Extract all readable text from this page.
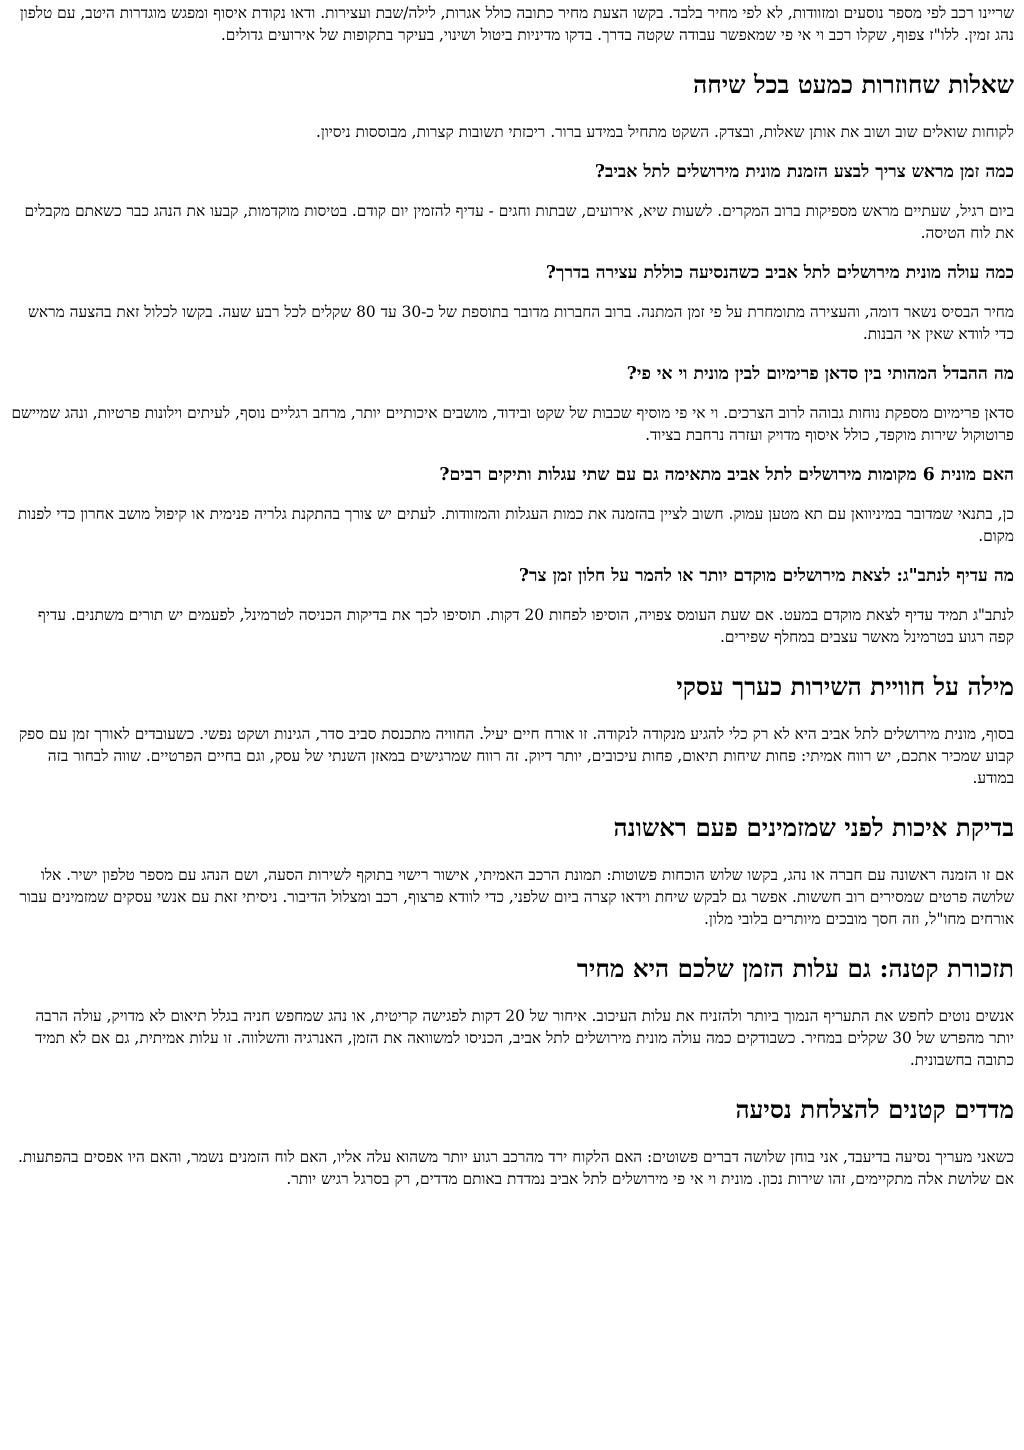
שריינו רכב לפי מספר נוסעים ומזוודות, לא לפי מחיר בלבד. בקשו הצעת מחיר כתובה כולל אגרות, לילה/שבת ועצירות. ודאו נקודת איסוף ומפגש מוגדרות היטב, עם טלפון נהג זמין. ללו"ז צפוף, שקלו רכב וי אי פי שמאפשר עבודה שקטה בדרך. בדקו מדיניות ביטול ושינוי, בעיקר בתקופות של אירועים גדולים.

שאלות שחוזרות כמעט בכל שיחה

לקוחות שואלים שוב ושוב את אותן שאלות, ובצדק. השקט מתחיל במידע ברור. ריכזתי תשובות קצרות, מבוססות ניסיון.

כמה זמן מראש צריך לבצע הזמנת מונית מירושלים לתל אביב?

ביום רגיל, שעתיים מראש מספיקות ברוב המקרים. לשעות שיא, אירועים, שבתות וחגים - עדיף להזמין יום קודם. בטיסות מוקדמות, קבעו את הנהג כבר כשאתם מקבלים את לוח הטיסה.

כמה עולה מונית מירושלים לתל אביב כשהנסיעה כוללת עצירה בדרך?

מחיר הבסיס נשאר דומה, והעצירה מתומחרת על פי זמן המתנה. ברוב החברות מדובר בתוספת של כ-30 עד 80 שקלים לכל רבע שעה. בקשו לכלול זאת בהצעה מראש כדי לוודא שאין אי הבנות.

מה ההבדל המהותי בין סדאן פרימיום לבין מונית וי אי פי?

סדאן פרימיום מספקת נוחות גבוהה לרוב הצרכים. וי אי פי מוסיף שכבות של שקט ובידוד, מושבים איכותיים יותר, מרחב רגליים נוסף, לעיתים וילונות פרטיות, ונהג שמיישם פרוטוקול שירות מוקפד, כולל איסוף מדויק ועזרה נרחבת בציוד.

האם מונית 6 מקומות מירושלים לתל אביב מתאימה גם עם שתי עגלות ותיקים רבים?

כן, בתנאי שמדובר במיניוואן עם תא מטען עמוק. חשוב לציין בהזמנה את כמות העגלות והמזוודות. לעתים יש צורך בהתקנת גלריה פנימית או קיפול מושב אחרון כדי לפנות מקום.

מה עדיף לנתב"ג: לצאת מירושלים מוקדם יותר או להמר על חלון זמן צר?

לנתב"ג תמיד עדיף לצאת מוקדם במעט. אם שעת העומס צפויה, הוסיפו לפחות 20 דקות. תוסיפו לכך את בדיקות הכניסה לטרמינל, לפעמים יש תורים משתנים. עדיף קפה רגוע בטרמינל מאשר עצבים במחלף שפירים.

מילה על חוויית השירות כערך עסקי

בסוף, מונית מירושלים לתל אביב היא לא רק כלי להגיע מנקודה לנקודה. זו אורח חיים יעיל. החוויה מתכנסת סביב סדר, הגינות ושקט נפשי. כשעובדים לאורך זמן עם ספק קבוע שמכיר אתכם, יש רווח אמיתי: פחות שיחות תיאום, פחות עיכובים, יותר דיוק. זה רווח שמרגישים במאזן השנתי של עסק, וגם בחיים הפרטיים. שווה לבחור בזה במודע.

בדיקת איכות לפני שמזמינים פעם ראשונה

אם זו הזמנה ראשונה עם חברה או נהג, בקשו שלוש הוכחות פשוטות: תמונת הרכב האמיתי, אישור רישוי בתוקף לשירות הסעה, ושם הנהג עם מספר טלפון ישיר. אלו שלושה פרטים שמסירים רוב חששות. אפשר גם לבקש שיחת וידאו קצרה ביום שלפני, כדי לוודא פרצוף, רכב ומצלול הדיבור. ניסיתי זאת עם אנשי עסקים שמזמינים עבור אורחים מחו"ל, וזה חסך מובכים מיותרים בלובי מלון.

תזכורת קטנה: גם עלות הזמן שלכם היא מחיר

אנשים נוטים לחפש את התעריף הנמוך ביותר ולהזניח את עלות העיכוב. איחור של 20 דקות לפגישה קריטית, או נהג שמחפש חניה בגלל תיאום לא מדויק, עולה הרבה יותר מהפרש של 30 שקלים במחיר. כשבודקים כמה עולה מונית מירושלים לתל אביב, הכניסו למשוואה את הזמן, האנרגיה והשלווה. זו עלות אמיתית, גם אם לא תמיד כתובה בחשבונית.

מדדים קטנים להצלחת נסיעה

כשאני מעריך נסיעה בדיעבד, אני בוחן שלושה דברים פשוטים: האם הלקוח ירד מהרכב רגוע יותר משהוא עלה אליו, האם לוח הזמנים נשמר, והאם היו אפסים בהפתעות. אם שלושת אלה מתקיימים, זהו שירות נכון. מונית וי אי פי מירושלים לתל אביב נמדדת באותם מדדים, רק בסרגל רגיש יותר.
